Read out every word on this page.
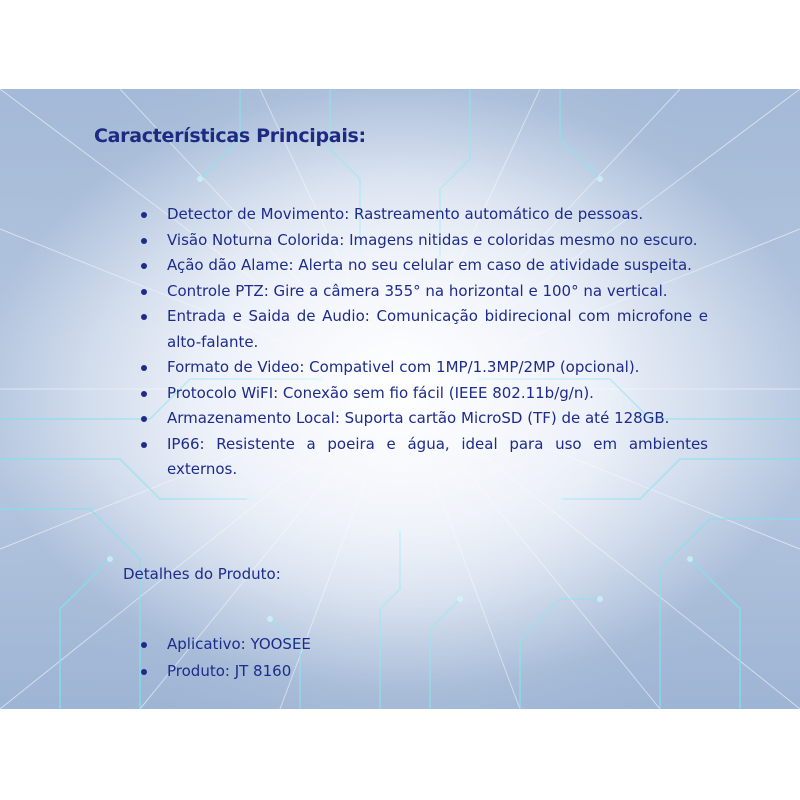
Características Principais:
Detector de Movimento: Rastreamento automático de pessoas.
Visão Noturna Colorida: Imagens nitidas e coloridas mesmo no escuro.
Ação dão Alame: Alerta no seu celular em caso de atividade suspeita.
Controle PTZ: Gire a câmera 355° na horizontal e 100° na vertical.
Entrada e Saida de Audio: Comunicação bidirecional com microfone e alto-falante.
Formato de Video: Compativel com 1MP/1.3MP/2MP (opcional).
Protocolo WiFI: Conexão sem fio fácil (IEEE 802.11b/g/n).
Armazenamento Local: Suporta cartão MicroSD (TF) de até 128GB.
IP66: Resistente a poeira e água, ideal para uso em ambientes externos.
Detalhes do Produto:
Aplicativo: YOOSEE
Produto: JT 8160
